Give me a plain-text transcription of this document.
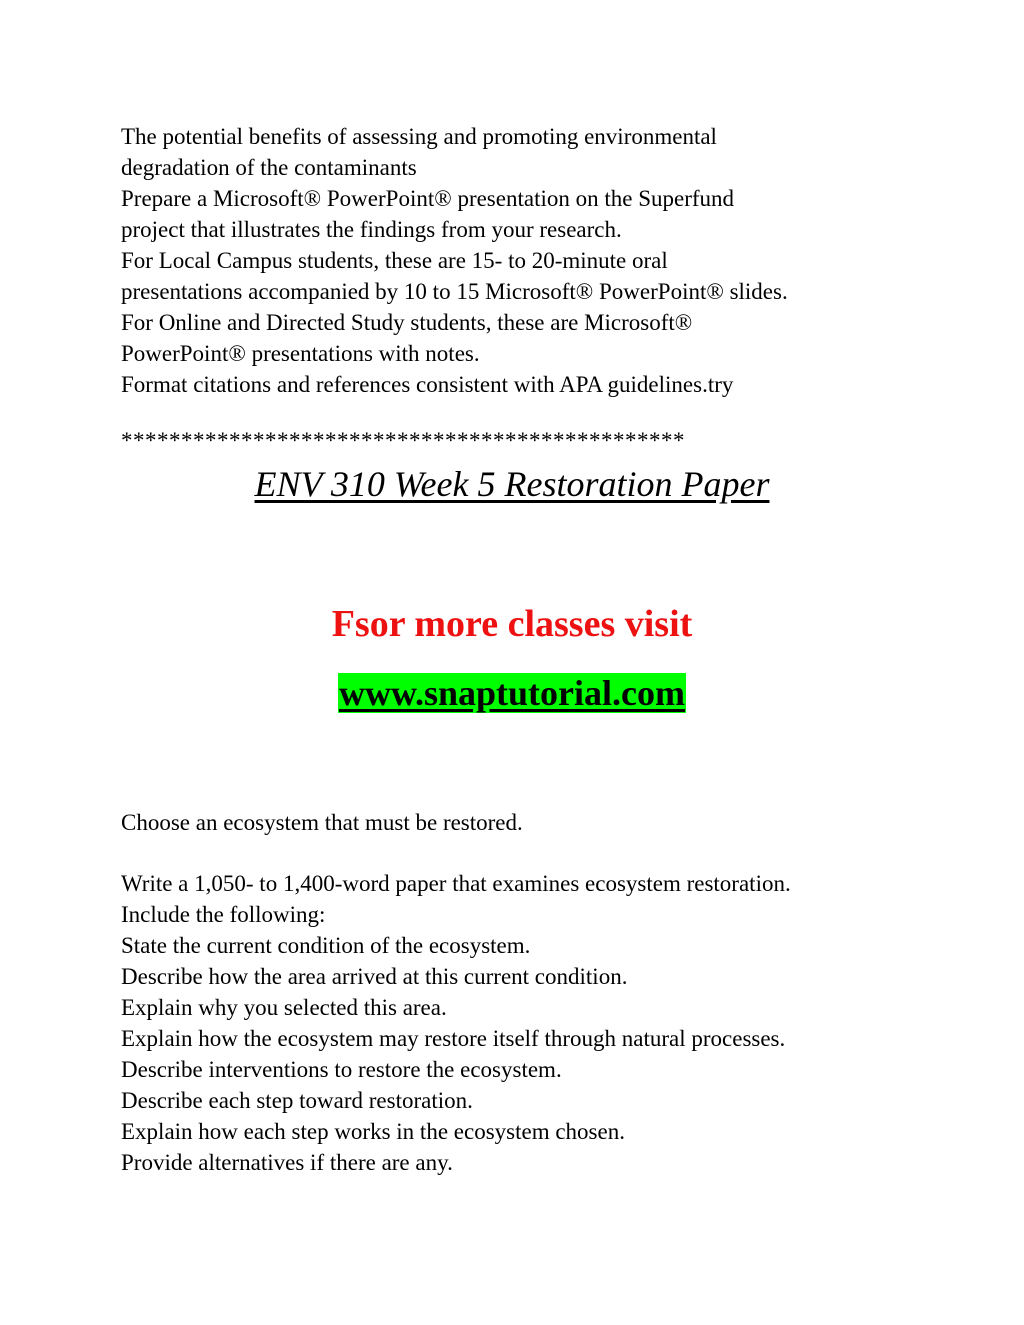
The potential benefits of assessing and promoting environmental
degradation of the contaminants
Prepare a Microsoft® PowerPoint® presentation on the Superfund
project that illustrates the findings from your research.
For Local Campus students, these are 15- to 20-minute oral
presentations accompanied by 10 to 15 Microsoft® PowerPoint® slides.
For Online and Directed Study students, these are Microsoft®
PowerPoint® presentations with notes.
Format citations and references consistent with APA guidelines.try
***********************************************
ENV 310 Week 5 Restoration Paper
Fsor more classes visit
www.snaptutorial.com
Choose an ecosystem that must be restored.
Write a 1,050- to 1,400-word paper that examines ecosystem restoration.
Include the following:
State the current condition of the ecosystem.
Describe how the area arrived at this current condition.
Explain why you selected this area.
Explain how the ecosystem may restore itself through natural processes.
Describe interventions to restore the ecosystem.
Describe each step toward restoration.
Explain how each step works in the ecosystem chosen.
Provide alternatives if there are any.
